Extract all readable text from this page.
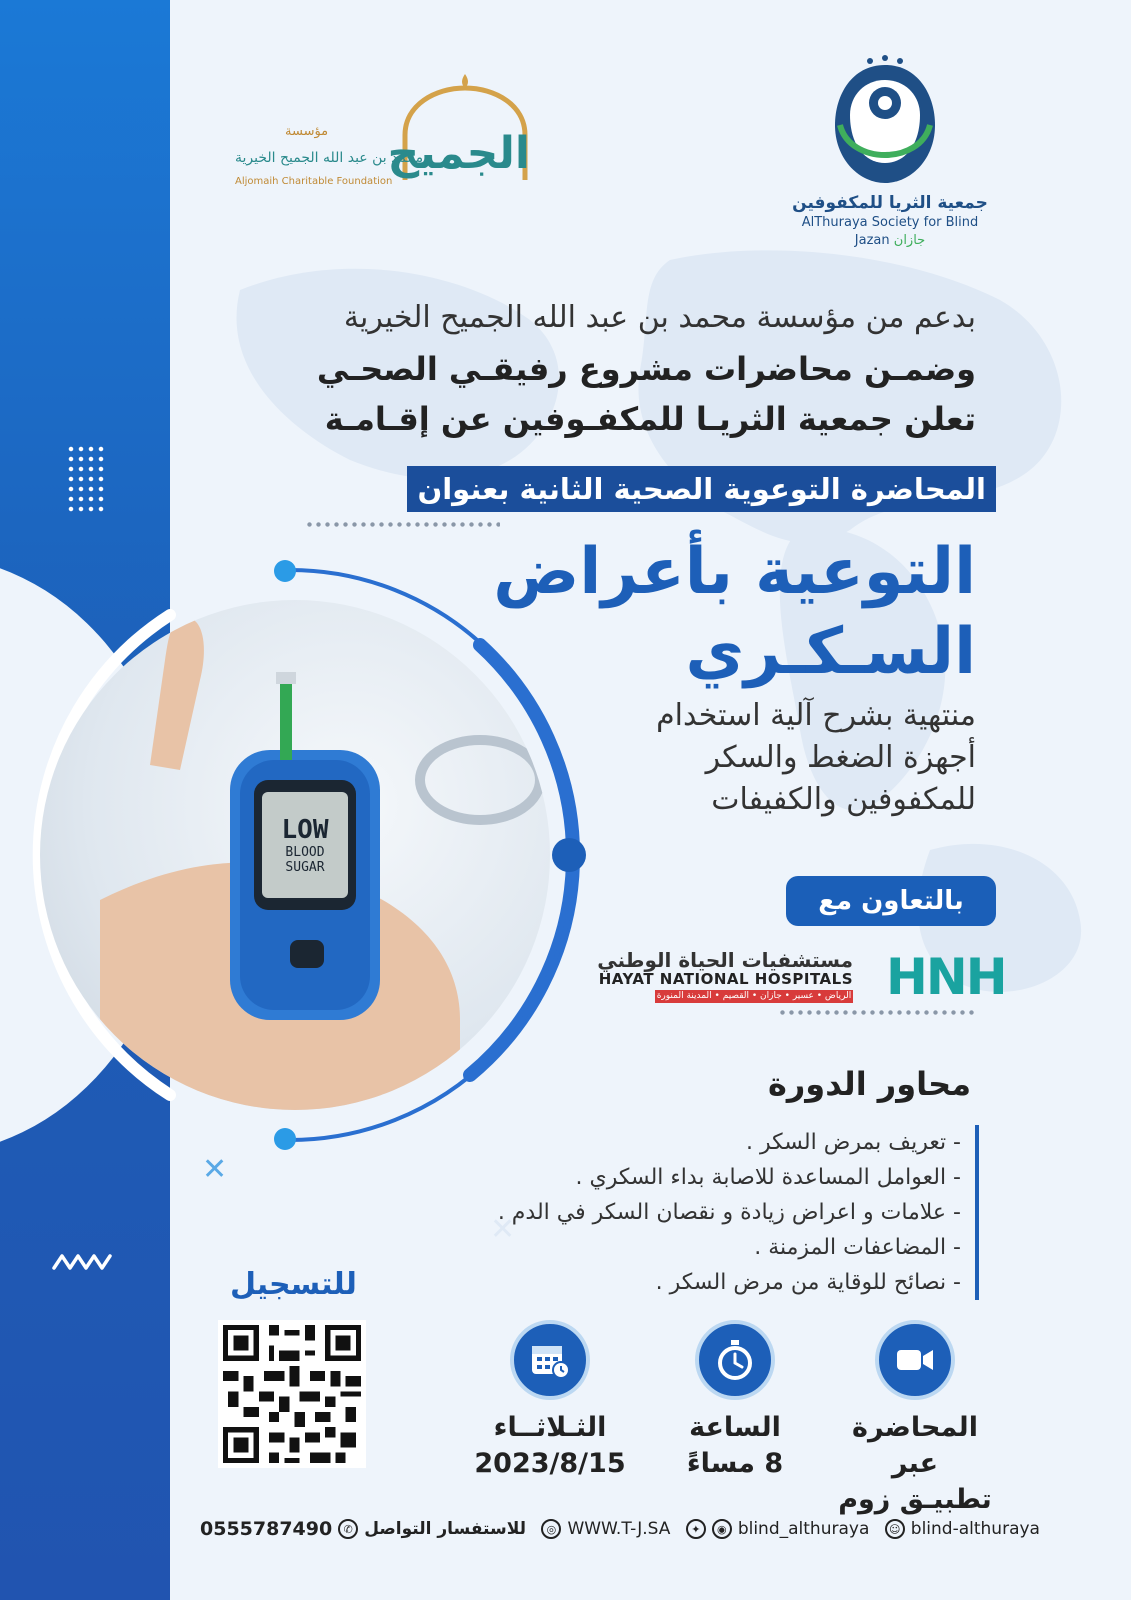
✕
✕
الجميح
مؤسسة
محمد بن عبد الله الجميح الخيرية
Aljomaih Charitable Foundation
جمعية الثريا للمكفوفين
AlThuraya Society for Blind
Jazan جازان
بدعم من مؤسسة محمد بن عبد الله الجميح الخيرية
وضمـن محاضرات مشروع رفيقـي الصحـي
تعلن جمعية الثريـا للمكفـوفين عن إقـامـة
المحاضرة التوعوية الصحية الثانية بعنوان
التوعية بأعراض
السـكـري
منتهية بشرح آلية استخدام
أجهزة الضغط والسكر
للمكفوفين والكفيفات
LOW
BLOOD
SUGAR
بالتعاون مع
HNH
مستشفيات الحياة الوطني
HAYAT NATIONAL HOSPITALS
الرياض • عسير • جازان • القصيم • المدينة المنورة
محاور الدورة
- تعريف بمرض السكر .
- العوامل المساعدة للاصابة بداء السكري .
- علامات و اعراض زيادة و نقصان السكر في الدم .
- المضاعفات المزمنة .
- نصائح للوقاية من مرض السكر .
للتسجيل
المحاضرة عبر
تطبيـق زوم
الساعة
8 مساءً
الثـلاثــاء
2023/8/15
0555787490	✆ للاستفسار التواصل	◎ WWW.T-J.SA	✦	◉ blind_althuraya	☺ blind-althuraya
